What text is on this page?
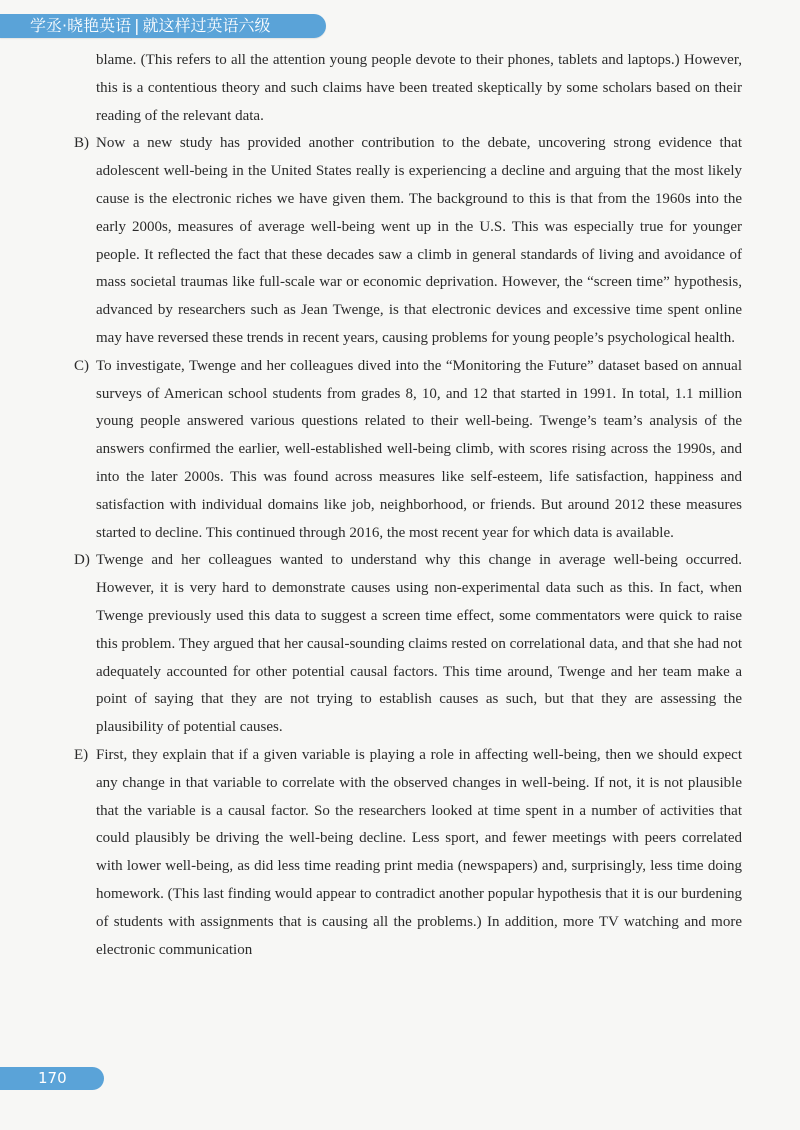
学丞·晓艳英语 | 就这样过英语六级

blame. (This refers to all the attention young people devote to their phones, tablets and laptops.) However, this is a contentious theory and such claims have been treated skeptically by some scholars based on their reading of the relevant data.

B) Now a new study has provided another contribution to the debate, uncovering strong evidence that adolescent well-being in the United States really is experiencing a decline and arguing that the most likely cause is the electronic riches we have given them. The background to this is that from the 1960s into the early 2000s, measures of average well-being went up in the U.S. This was especially true for younger people. It reflected the fact that these decades saw a climb in general standards of living and avoidance of mass societal traumas like full-scale war or economic deprivation. However, the “screen time” hypothesis, advanced by researchers such as Jean Twenge, is that electronic devices and excessive time spent online may have reversed these trends in recent years, causing problems for young people’s psychological health.

C) To investigate, Twenge and her colleagues dived into the “Monitoring the Future” dataset based on annual surveys of American school students from grades 8, 10, and 12 that started in 1991. In total, 1.1 million young people answered various questions related to their well-being. Twenge’s team’s analysis of the answers confirmed the earlier, well-established well-being climb, with scores rising across the 1990s, and into the later 2000s. This was found across measures like self-esteem, life satisfaction, happiness and satisfaction with individual domains like job, neighborhood, or friends. But around 2012 these measures started to decline. This continued through 2016, the most recent year for which data is available.

D) Twenge and her colleagues wanted to understand why this change in average well-being occurred. However, it is very hard to demonstrate causes using non-experimental data such as this. In fact, when Twenge previously used this data to suggest a screen time effect, some commentators were quick to raise this problem. They argued that her causal-sounding claims rested on correlational data, and that she had not adequately accounted for other potential causal factors. This time around, Twenge and her team make a point of saying that they are not trying to establish causes as such, but that they are assessing the plausibility of potential causes.

E) First, they explain that if a given variable is playing a role in affecting well-being, then we should expect any change in that variable to correlate with the observed changes in well-being. If not, it is not plausible that the variable is a causal factor. So the researchers looked at time spent in a number of activities that could plausibly be driving the well-being decline. Less sport, and fewer meetings with peers correlated with lower well-being, as did less time reading print media (newspapers) and, surprisingly, less time doing homework. (This last finding would appear to contradict another popular hypothesis that it is our burdening of students with assignments that is causing all the problems.) In addition, more TV watching and more electronic communication

170
